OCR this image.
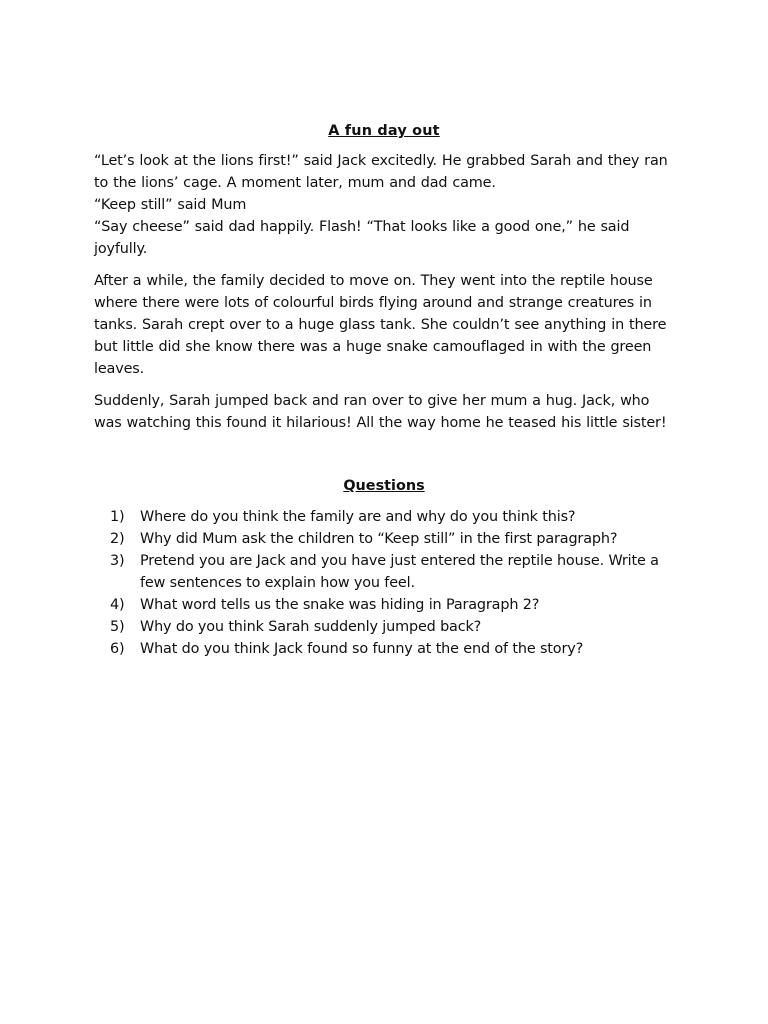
A fun day out

“Let’s look at the lions first!” said Jack excitedly. He grabbed Sarah and they ran to the lions’ cage. A moment later, mum and dad came.
“Keep still” said Mum
“Say cheese” said dad happily. Flash! “That looks like a good one,” he said joyfully.

After a while, the family decided to move on. They went into the reptile house where there were lots of colourful birds flying around and strange creatures in tanks. Sarah crept over to a huge glass tank. She couldn’t see anything in there but little did she know there was a huge snake camouflaged in with the green leaves.

Suddenly, Sarah jumped back and ran over to give her mum a hug. Jack, who was watching this found it hilarious! All the way home he teased his little sister!

Questions
1) Where do you think the family are and why do you think this?
2) Why did Mum ask the children to “Keep still” in the first paragraph?
3) Pretend you are Jack and you have just entered the reptile house. Write a few sentences to explain how you feel.
4) What word tells us the snake was hiding in Paragraph 2?
5) Why do you think Sarah suddenly jumped back?
6) What do you think Jack found so funny at the end of the story?
